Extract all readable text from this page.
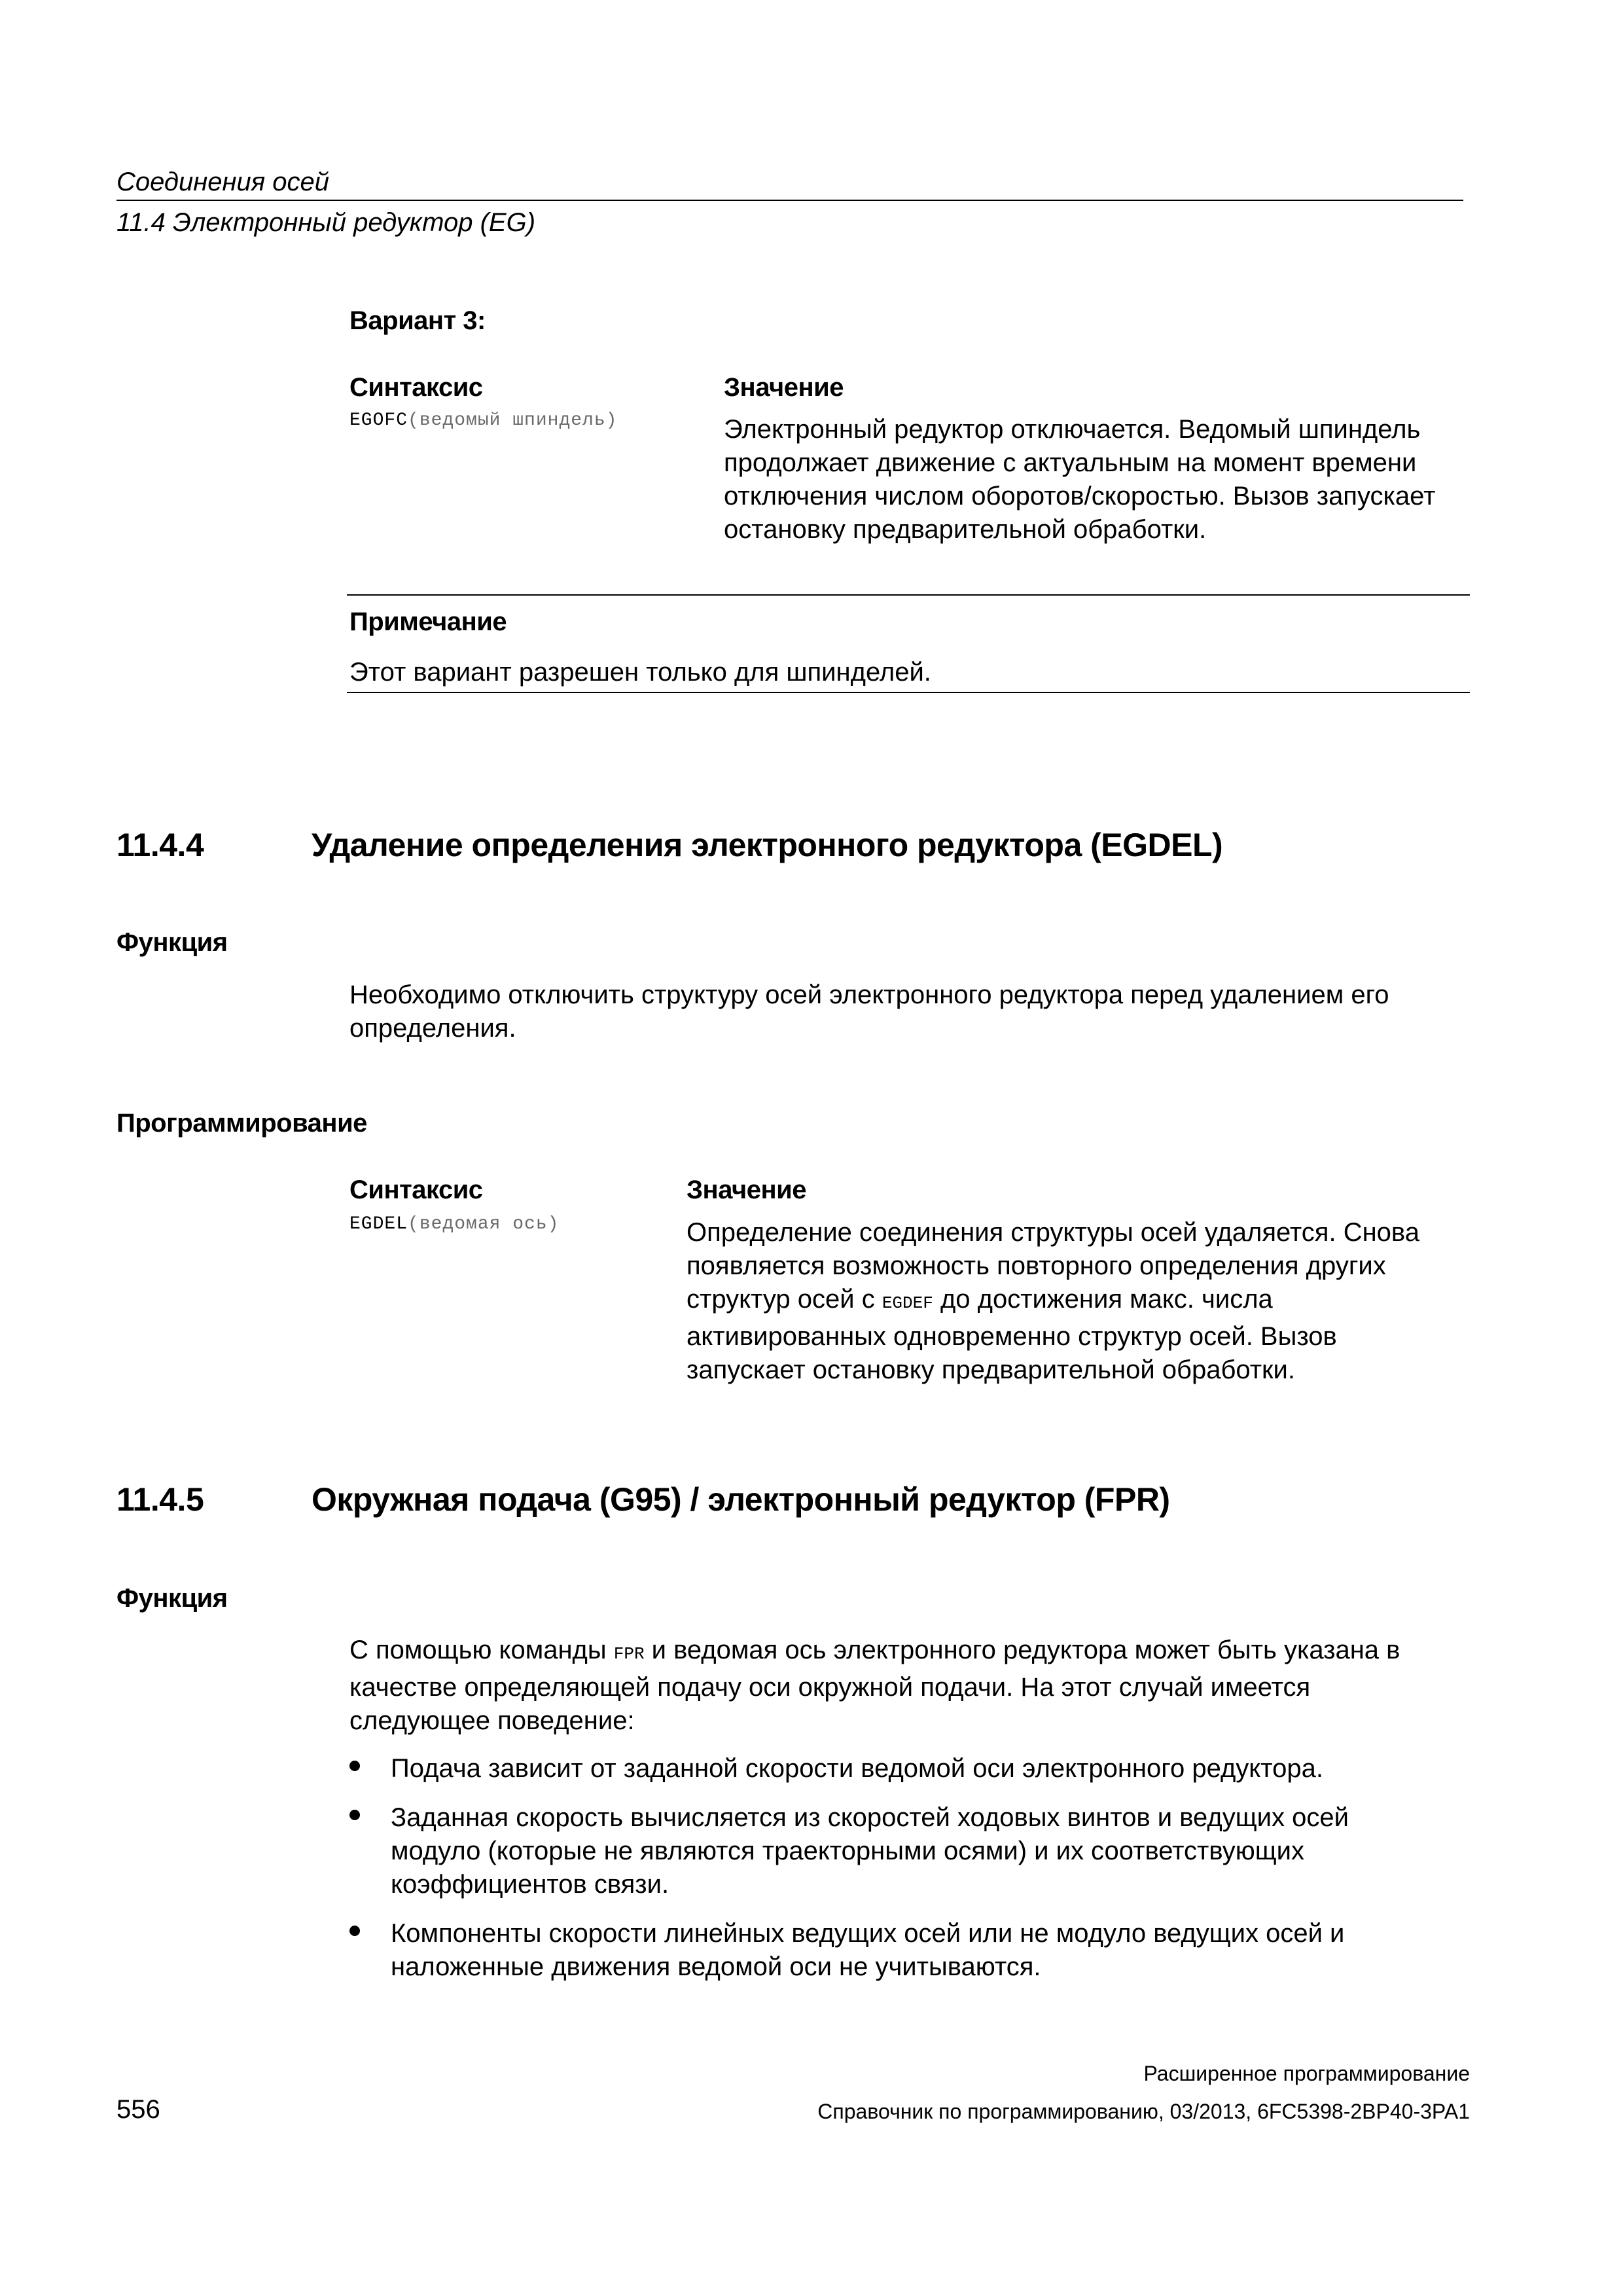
Соединения осей
11.4 Электронный редуктор (EG)
Вариант 3:
Синтаксис	Значение
EGOFC(ведомый шпиндель)	Электронный редуктор отключается. Ведомый шпиндель
продолжает движение с актуальным на момент времени
отключения числом оборотов/скоростью. Вызов запускает
остановку предварительной обработки.
Примечание
Этот вариант разрешен только для шпинделей.
11.4.4	Удаление определения электронного редуктора (EGDEL)
Функция
Необходимо отключить структуру осей электронного редуктора перед удалением его
определения.
Программирование
Синтаксис	Значение
EGDEL(ведомая ось)	Определение соединения структуры осей удаляется. Снова
появляется возможность повторного определения других
структур осей с EGDEF до достижения макс. числа
активированных одновременно структур осей. Вызов
запускает остановку предварительной обработки.
11.4.5	Окружная подача (G95) / электронный редуктор (FPR)
Функция
С помощью команды FPR и ведомая ось электронного редуктора может быть указана в
качестве определяющей подачу оси окружной подачи. На этот случай имеется
следующее поведение:
Подача зависит от заданной скорости ведомой оси электронного редуктора.
Заданная скорость вычисляется из скоростей ходовых винтов и ведущих осей
модуло (которые не являются траекторными осями) и их соответствующих
коэффициентов связи.
Компоненты скорости линейных ведущих осей или не модуло ведущих осей и
наложенные движения ведомой оси не учитываются.
Расширенное программирование
556	Справочник по программированию, 03/2013, 6FC5398-2BP40-3PA1
